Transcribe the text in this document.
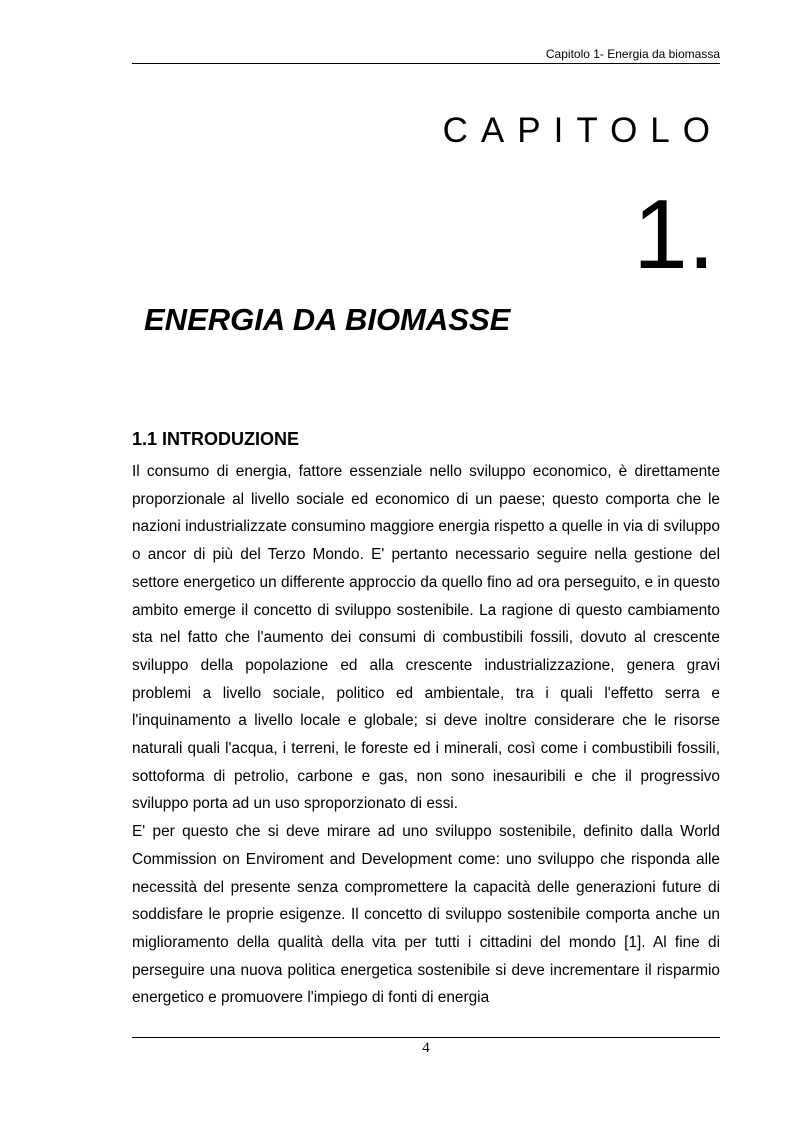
Capitolo 1- Energia da biomassa
CAPITOLO
1.
ENERGIA DA BIOMASSE
1.1 INTRODUZIONE

Il consumo di energia, fattore essenziale nello sviluppo economico, è direttamente proporzionale al livello sociale ed economico di un paese; questo comporta che le nazioni industrializzate consumino maggiore energia rispetto a quelle in via di sviluppo o ancor di più del Terzo Mondo. E' pertanto necessario seguire nella gestione del settore energetico un differente approccio da quello fino ad ora perseguito, e in questo ambito emerge il concetto di sviluppo sostenibile. La ragione di questo cambiamento sta nel fatto che l'aumento dei consumi di combustibili fossili, dovuto al crescente sviluppo della popolazione ed alla crescente industrializzazione, genera gravi problemi a livello sociale, politico ed ambientale, tra i quali l'effetto serra e l'inquinamento a livello locale e globale; si deve inoltre considerare che le risorse naturali quali l'acqua, i terreni, le foreste ed i minerali, così come i combustibili fossili, sottoforma di petrolio, carbone e gas, non sono inesauribili e che il progressivo sviluppo porta ad un uso sproporzionato di essi.

E' per questo che si deve mirare ad uno sviluppo sostenibile, definito dalla World Commission on Enviroment and Development come: uno sviluppo che risponda alle necessità del presente senza compromettere la capacità delle generazioni future di soddisfare le proprie esigenze. Il concetto di sviluppo sostenibile comporta anche un miglioramento della qualità della vita per tutti i cittadini del mondo [1]. Al fine di perseguire una nuova politica energetica sostenibile si deve incrementare il risparmio energetico e promuovere l'impiego di fonti di energia

4
